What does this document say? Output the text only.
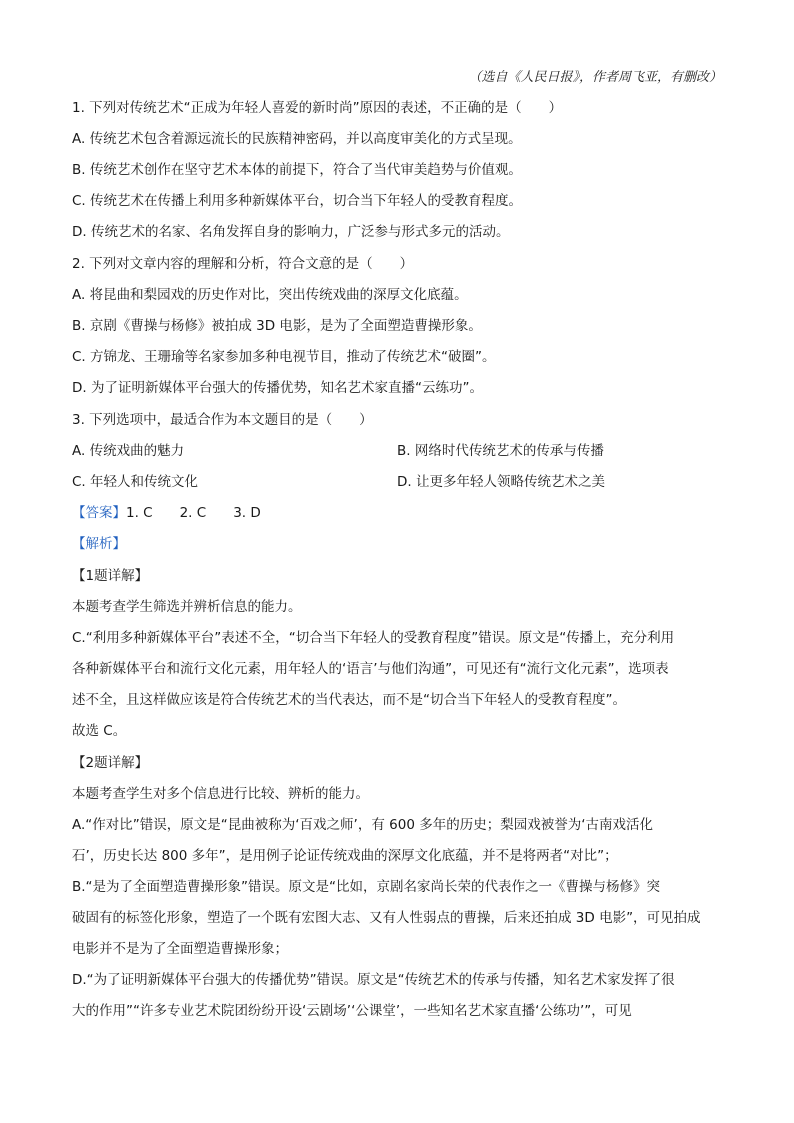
（选自《人民日报》，作者周飞亚，有删改）
1. 下列对传统艺术“正成为年轻人喜爱的新时尚”原因的表述，不正确的是（　　）
A. 传统艺术包含着源远流长的民族精神密码，并以高度审美化的方式呈现。
B. 传统艺术创作在坚守艺术本体的前提下，符合了当代审美趋势与价值观。
C. 传统艺术在传播上利用多种新媒体平台，切合当下年轻人的受教育程度。
D. 传统艺术的名家、名角发挥自身的影响力，广泛参与形式多元的活动。
2. 下列对文章内容的理解和分析，符合文意的是（　　）
A. 将昆曲和梨园戏的历史作对比，突出传统戏曲的深厚文化底蕴。
B. 京剧《曹操与杨修》被拍成 3D 电影，是为了全面塑造曹操形象。
C. 方锦龙、王珊瑜等名家参加多种电视节目，推动了传统艺术“破圈”。
D. 为了证明新媒体平台强大的传播优势，知名艺术家直播“云练功”。
3. 下列选项中，最适合作为本文题目的是（　　）
A. 传统戏曲的魅力	B. 网络时代传统艺术的传承与传播
C. 年轻人和传统文化	D. 让更多年轻人领略传统艺术之美
【答案】1. C　　2. C　　3. D
【解析】
【1题详解】
本题考查学生筛选并辨析信息的能力。
C.“利用多种新媒体平台”表述不全，“切合当下年轻人的受教育程度”错误。原文是“传播上，充分利用
各种新媒体平台和流行文化元素，用年轻人的‘语言’与他们沟通”，可见还有“流行文化元素”，选项表
述不全，且这样做应该是符合传统艺术的当代表达，而不是“切合当下年轻人的受教育程度”。
故选 C。
【2题详解】
本题考查学生对多个信息进行比较、辨析的能力。
A.“作对比”错误，原文是“昆曲被称为‘百戏之师’，有 600 多年的历史；梨园戏被誉为‘古南戏活化
石’，历史长达 800 多年”，是用例子论证传统戏曲的深厚文化底蕴，并不是将两者“对比”；
B.“是为了全面塑造曹操形象”错误。原文是“比如，京剧名家尚长荣的代表作之一《曹操与杨修》突
破固有的标签化形象，塑造了一个既有宏图大志、又有人性弱点的曹操，后来还拍成 3D 电影”，可见拍成
电影并不是为了全面塑造曹操形象；
D.“为了证明新媒体平台强大的传播优势”错误。原文是“传统艺术的传承与传播，知名艺术家发挥了很
大的作用”“许多专业艺术院团纷纷开设‘云剧场’‘公课堂’，一些知名艺术家直播‘公练功’”，可见
